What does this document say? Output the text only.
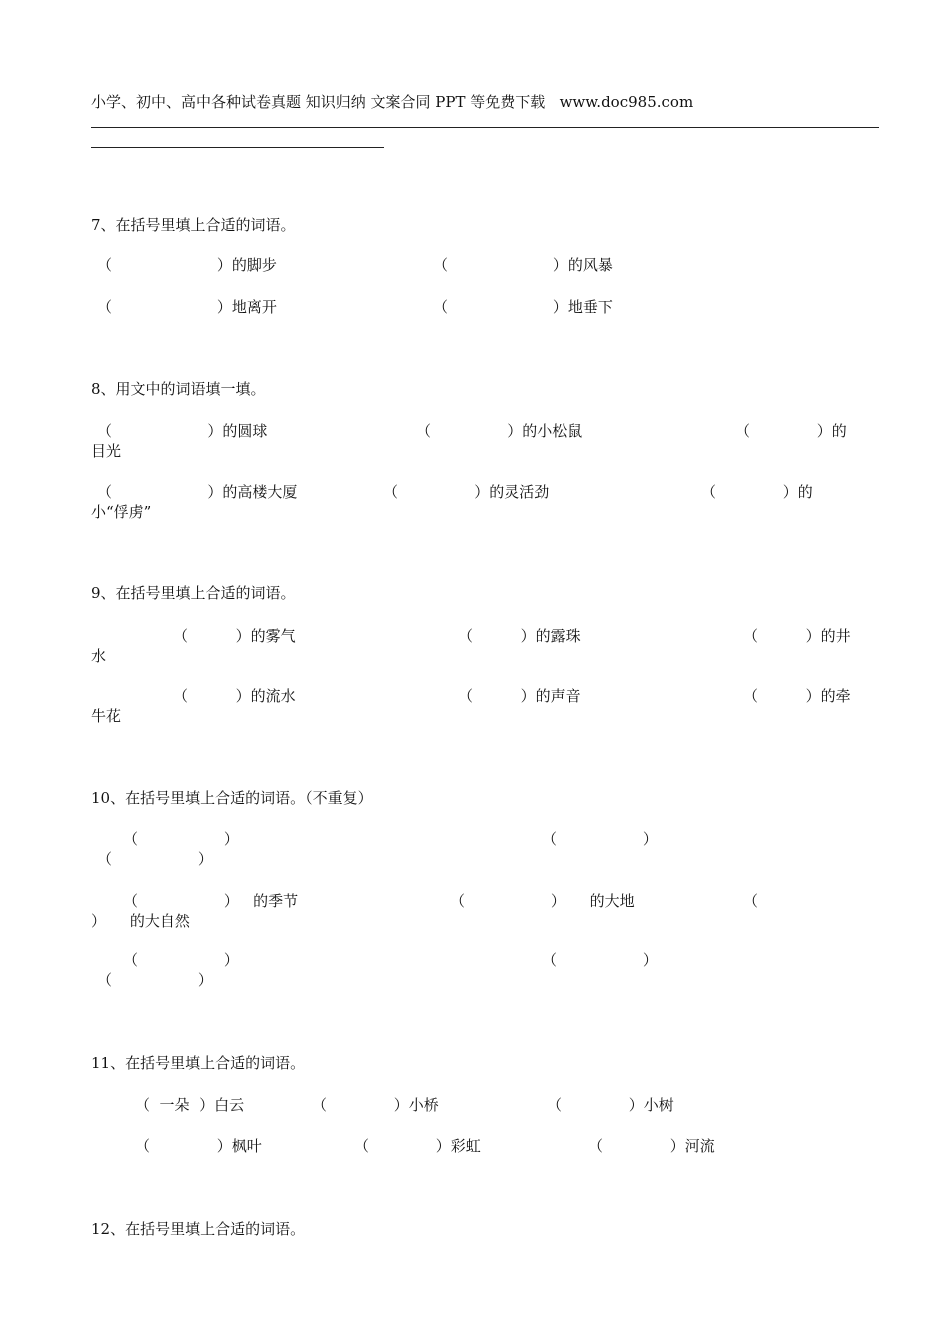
小学、初中、高中各种试卷真题 知识归纳 文案合同 PPT 等免费下载   www.doc985.com
7、在括号里填上合适的词语。
（                      ）的脚步	（                      ）的风暴
（                      ）地离开	（                      ）地垂下
8、用文中的词语填一填。
（                    ）的圆球	（                ）的小松鼠	（              ）的
目光
（                    ）的高楼大厦	（                ）的灵活劲	（              ）的
小“俘虏”
9、在括号里填上合适的词语。
（          ）的雾气	（          ）的露珠	（          ）的井
水
（          ）的流水	（          ）的声音	（          ）的牵
牛花
10、在括号里填上合适的词语。（不重复）
（                  ）	（                  ）
（                  ）
（                  ）   的季节	（                  ）     的大地	（
）     的大自然
（                  ）	（                  ）
（                  ）
11、在括号里填上合适的词语。
（  一朵  ）白云	（              ）小桥	（              ）小树
（              ）枫叶	（              ）彩虹	（              ）河流
12、在括号里填上合适的词语。
